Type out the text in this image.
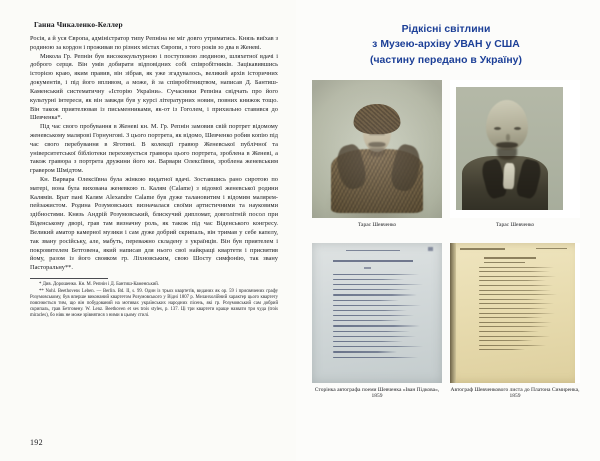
Ганна Чикаленко-Келлер

Росія, а й уся Європа, адміністратор типу Репніна не міг довго утриматись. Князь виїхав з родиною за кордон і проживав по різних містах Європи, з того років зо два в Женеві.

Микола Гр. Репнін був висококультурною і поступовою людиною, шляхетної вдачі і доброго серця. Він умів добирати відповідних собі співробітників. Зацікавившись історією краю, яким правив, він зібрав, як уже згадувалось, великий архів історичних документів, і під його впливом, а може, й за співробітництвом, написав Д. Бантиш-Каменський систематичну «Історію України». Сучасники Репніна свідчать про його культурні інтереси, як він завжди був у курсі літературних новин, повних книжок тощо. Він також приятелював із письменниками, як-от із Гоголем, і прихильно ставився до Шевченка*.

Під час свого пробування в Женеві кн. М. Гр. Репнін замовив свій портрет відомому женевському малярові Горнунгові. З цього портрета, як відомо, Шевченко робив копію під час свого перебування в Яготині. В колекції гравюр Женевської публічної та університетської бібліотеки переховується гравюра цього портрета, зроблена в Женеві, а також гравюра з портрета дружини його кн. Варвари Олексіївни, зроблена женевським гравером Шмідтом.

Кн. Варвара Олексіївна була жінкою видатної вдачі. Зоставшись рано сиротою по матері, вона була вихована женевкою п. Калям (Calame) з відомої женевської родини Калямів. Брат пані Калям Alexandre Calame був дуже талановитим і відомим малярем-пейзажистом. Родина Розумовських визначалася своїми артистичними та науковими здібностями. Князь Андрій Розумовський, блискучий дипломат, довголітній посол при Віденському дворі, грав там визначну роль, як також під час Віденського конгресу. Великий аматор камерної музики і сам дуже добрий скрипаль, він тримав у себе капелу, так звану російську, але, мабуть, переважно складену з українців. Він був приятелем і покровителем Бетговена, який написав для нього свої найкращі квартети і присвятив йому, разом із його свояком гр. Ліхновським, свою Шосту симфонію, так звану Пасторальну**.

* Див. Дорошенко. Кн. М. Репнін і Д. Бантиш-Каменський.

** Nohl. Beethovens Leben. — Berlin. Bd. II, s. 99. Один із трьох квартетів, виданих як ор. 59 і присвячених графу Розумовському, був вперше виконаний квартетом Розумовського у Відні 1807 р. Меланхолійний характер цього квартету пояснюється тим, що він побудований на мотивах українських народних пісень, які гр. Розумовський сам добрий скрипаль, грав Бетговену. W. Lenz. Beethoven et ses trois styles, p. 137. Ці три квартети краще назвати три чуда (trois miracles), бо ніяк не може зрівнятися з ними в цьому стилі.

192
Рідкісні світлини
з Музею-архіву УВАН у США
(частину передано в Україну)
Тарас Шевченко	Тарас Шевченко
Сторінка автографа поеми Шевченка «Іван Підкова», 1859
Автограф Шевченкового листа до Платона Симиренка, 1859
